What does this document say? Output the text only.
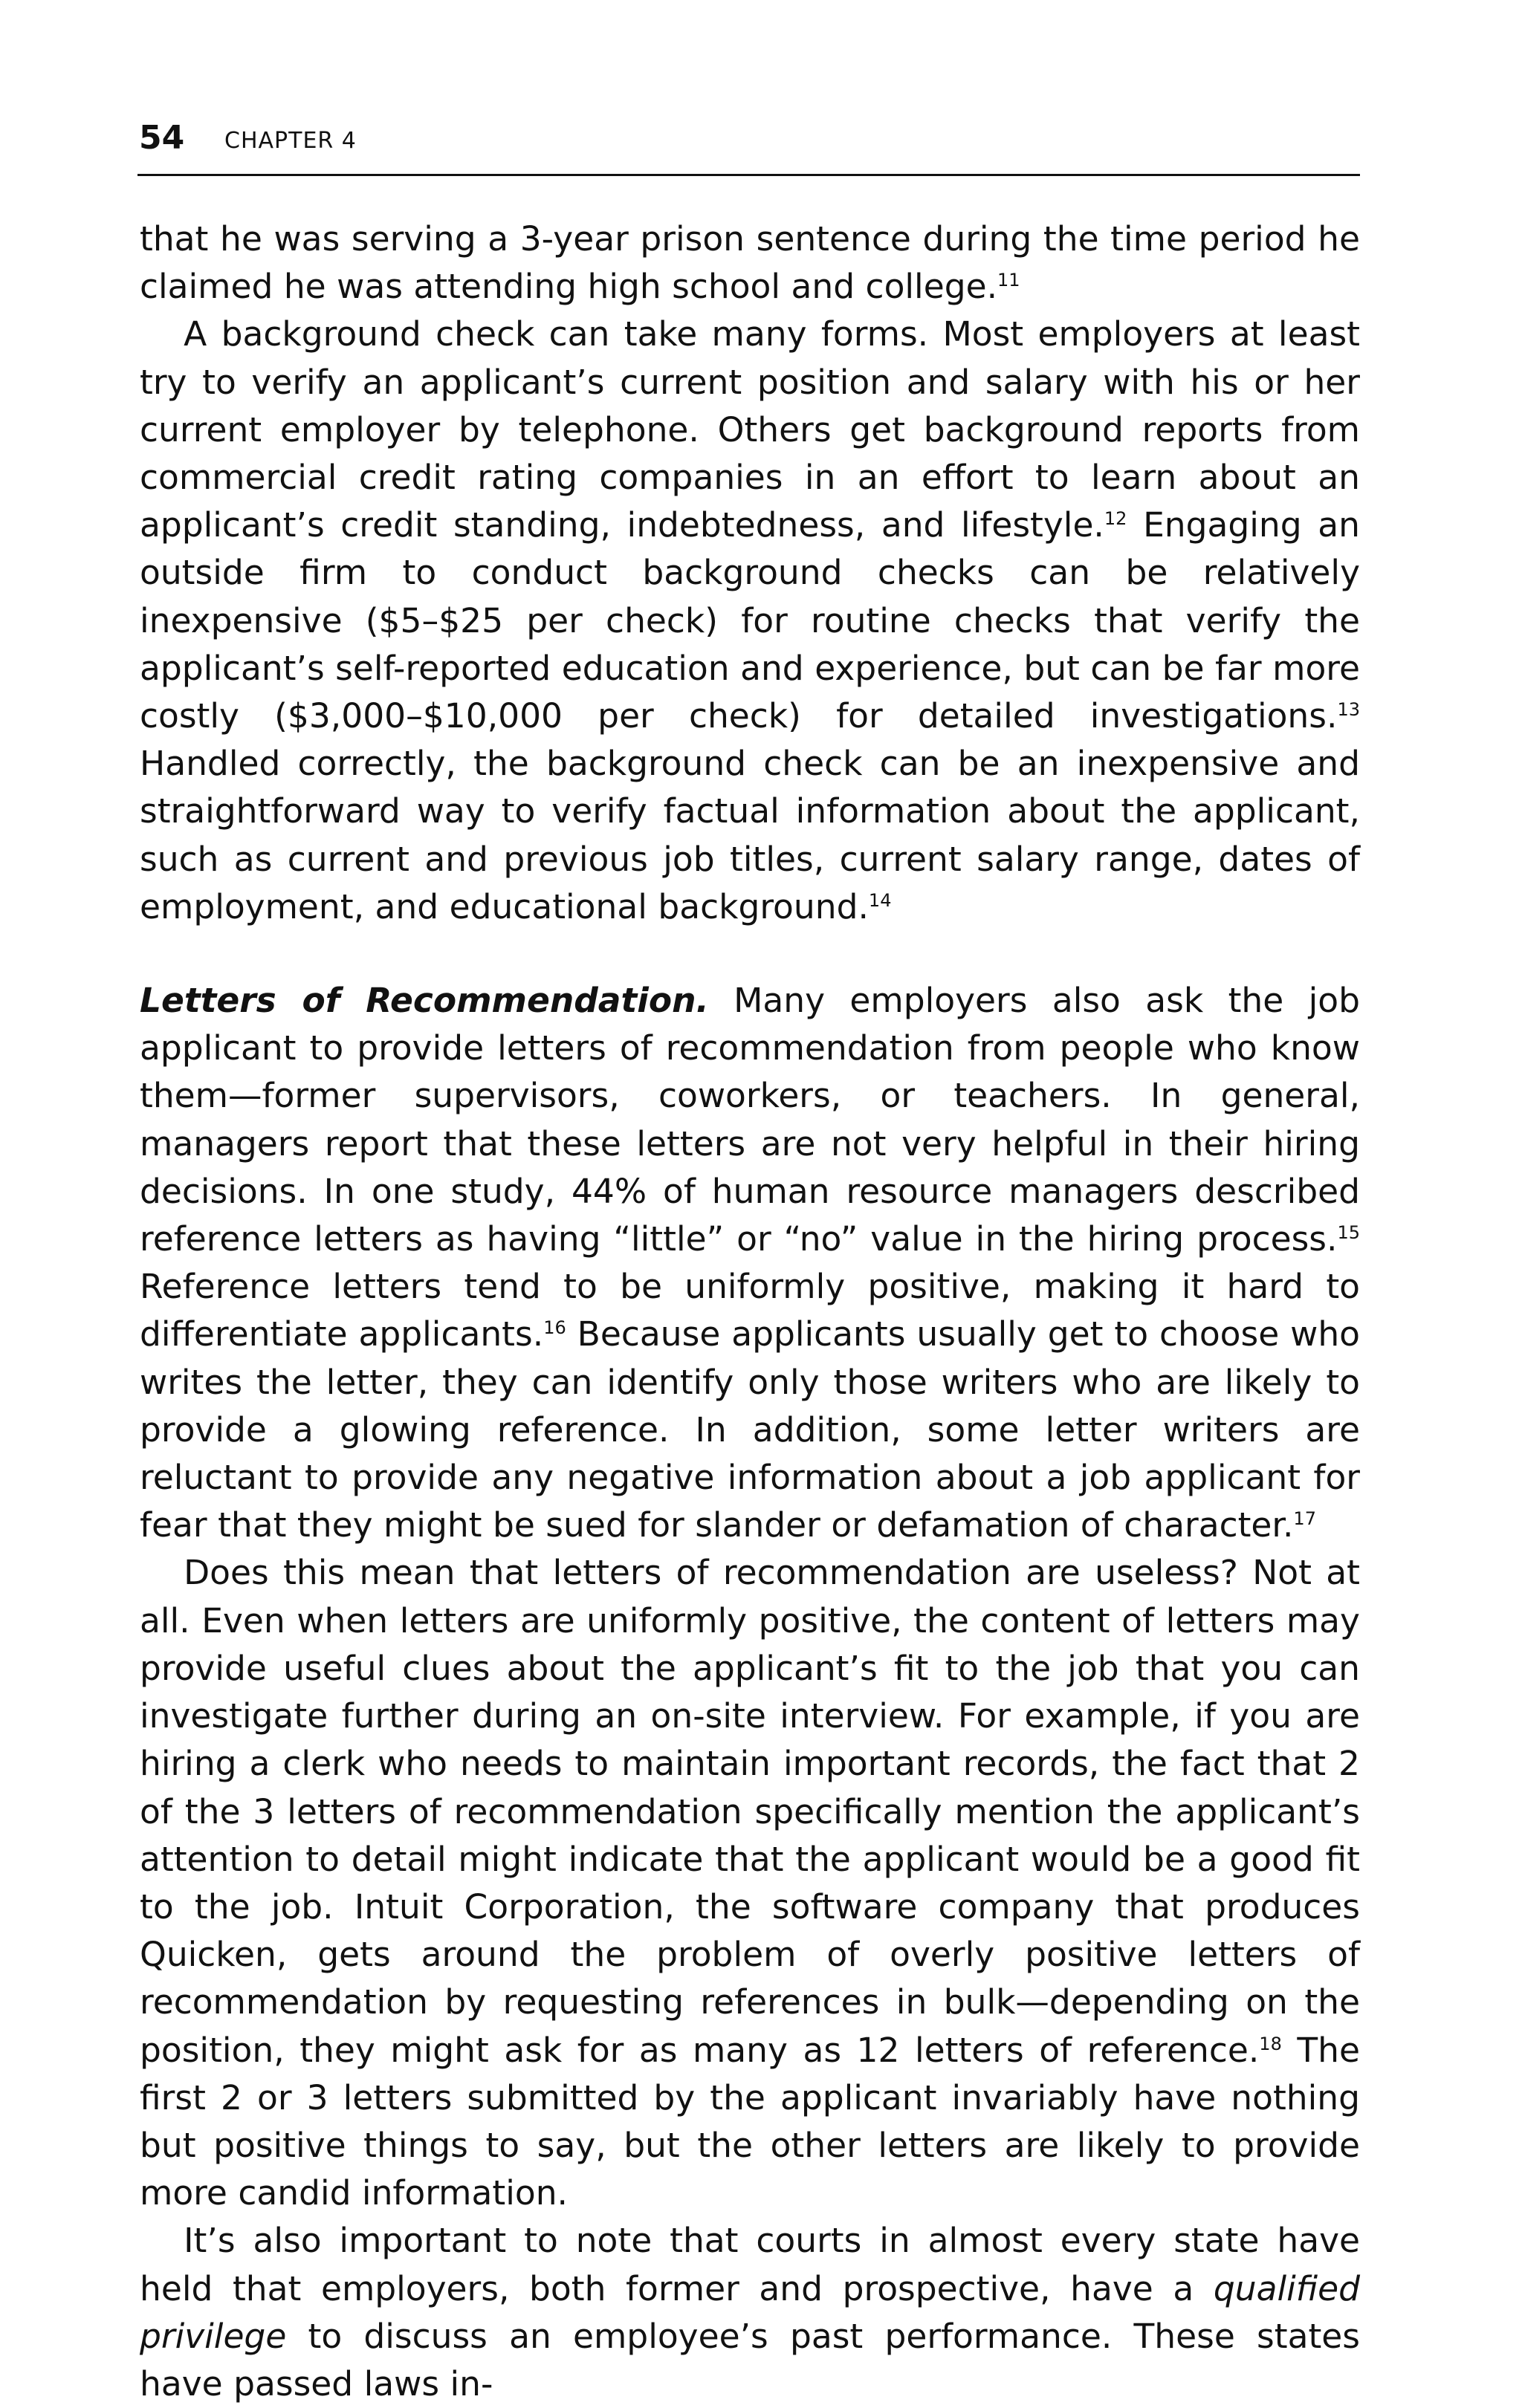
54 CHAPTER 4

that he was serving a 3-year prison sentence during the time period he claimed he was attending high school and college.$^{11}$

A background check can take many forms. Most employers at least try to verify an applicant’s current position and salary with his or her current employer by telephone. Others get background reports from commercial credit rating companies in an effort to learn about an applicant’s credit standing, indebtedness, and lifestyle.$^{12}$ Engaging an outside firm to conduct background checks can be relatively inexpensive ($5–$25 per check) for routine checks that verify the applicant’s self-reported education and experience, but can be far more costly ($3,000–$10,000 per check) for detailed investigations.$^{13}$ Handled correctly, the background check can be an inexpensive and straightforward way to verify factual information about the applicant, such as current and previous job titles, current salary range, dates of employment, and educational background.$^{14}$

Letters of Recommendation. Many employers also ask the job applicant to provide letters of recommendation from people who know them—former supervisors, coworkers, or teachers. In general, managers report that these letters are not very helpful in their hiring decisions. In one study, 44% of human resource managers described reference letters as having “little” or “no” value in the hiring process.$^{15}$ Reference letters tend to be uniformly positive, making it hard to differentiate applicants.$^{16}$ Because applicants usually get to choose who writes the letter, they can identify only those writers who are likely to provide a glowing reference. In addition, some letter writers are reluctant to provide any negative information about a job applicant for fear that they might be sued for slander or defamation of character.$^{17}$

Does this mean that letters of recommendation are useless? Not at all. Even when letters are uniformly positive, the content of letters may provide useful clues about the applicant’s fit to the job that you can investigate further during an on-site interview. For example, if you are hiring a clerk who needs to maintain important records, the fact that 2 of the 3 letters of recommendation specifically mention the applicant’s attention to detail might indicate that the applicant would be a good fit to the job. Intuit Corporation, the software company that produces Quicken, gets around the problem of overly positive letters of recommendation by requesting references in bulk—depending on the position, they might ask for as many as 12 letters of reference.$^{18}$ The first 2 or 3 letters submitted by the applicant invariably have nothing but positive things to say, but the other letters are likely to provide more candid information.

It’s also important to note that courts in almost every state have held that employers, both former and prospective, have a qualified privilege to discuss an employee’s past performance. These states have passed laws in-
